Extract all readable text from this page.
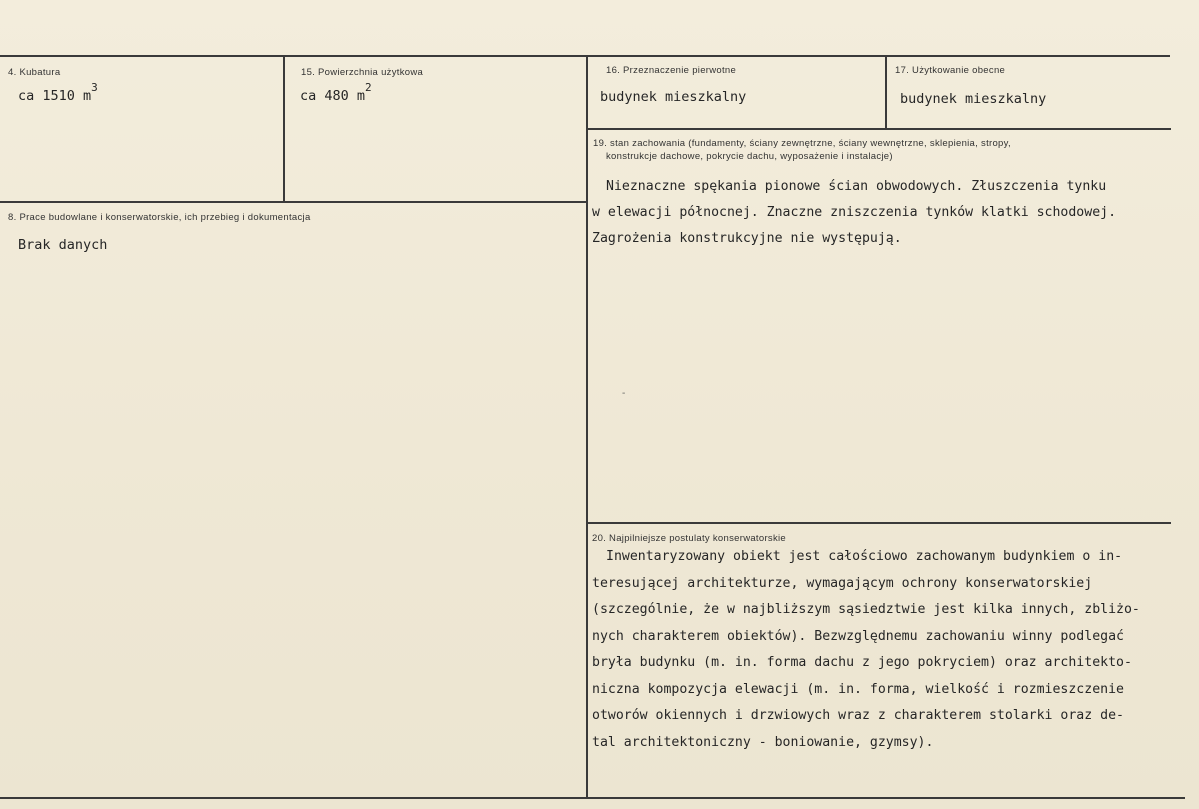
4. Kubatura
ca 1510 $m^3$
15. Powierzchnia użytkowa
ca 480 $m^2$
16. Przeznaczenie pierwotne
budynek mieszkalny
17. Użytkowanie obecne
budynek mieszkalny
8. Prace budowlane i konserwatorskie, ich przebieg i dokumentacja
Brak danych
19. stan zachowania (fundamenty, ściany zewnętrzne, ściany wewnętrzne, sklepienia, stropy,
konstrukcje dachowe, pokrycie dachu, wyposażenie i instalacje)
Nieznaczne spękania pionowe ścian obwodowych. Złuszczenia tynku
w elewacji północnej. Znaczne zniszczenia tynków klatki schodowej.
Zagrożenia konstrukcyjne nie występują.
-
20. Najpilniejsze postulaty konserwatorskie
Inwentaryzowany obiekt jest całościowo zachowanym budynkiem o in-
teresującej architekturze, wymagającym ochrony konserwatorskiej
(szczególnie, że w najbliższym sąsiedztwie jest kilka innych, zbliżo-
nych charakterem obiektów). Bezwzględnemu zachowaniu winny podlegać
bryła budynku (m. in. forma dachu z jego pokryciem) oraz architekto-
niczna kompozycja elewacji (m. in. forma, wielkość i rozmieszczenie
otworów okiennych i drzwiowych wraz z charakterem stolarki oraz de-
tal architektoniczny - boniowanie, gzymsy).
